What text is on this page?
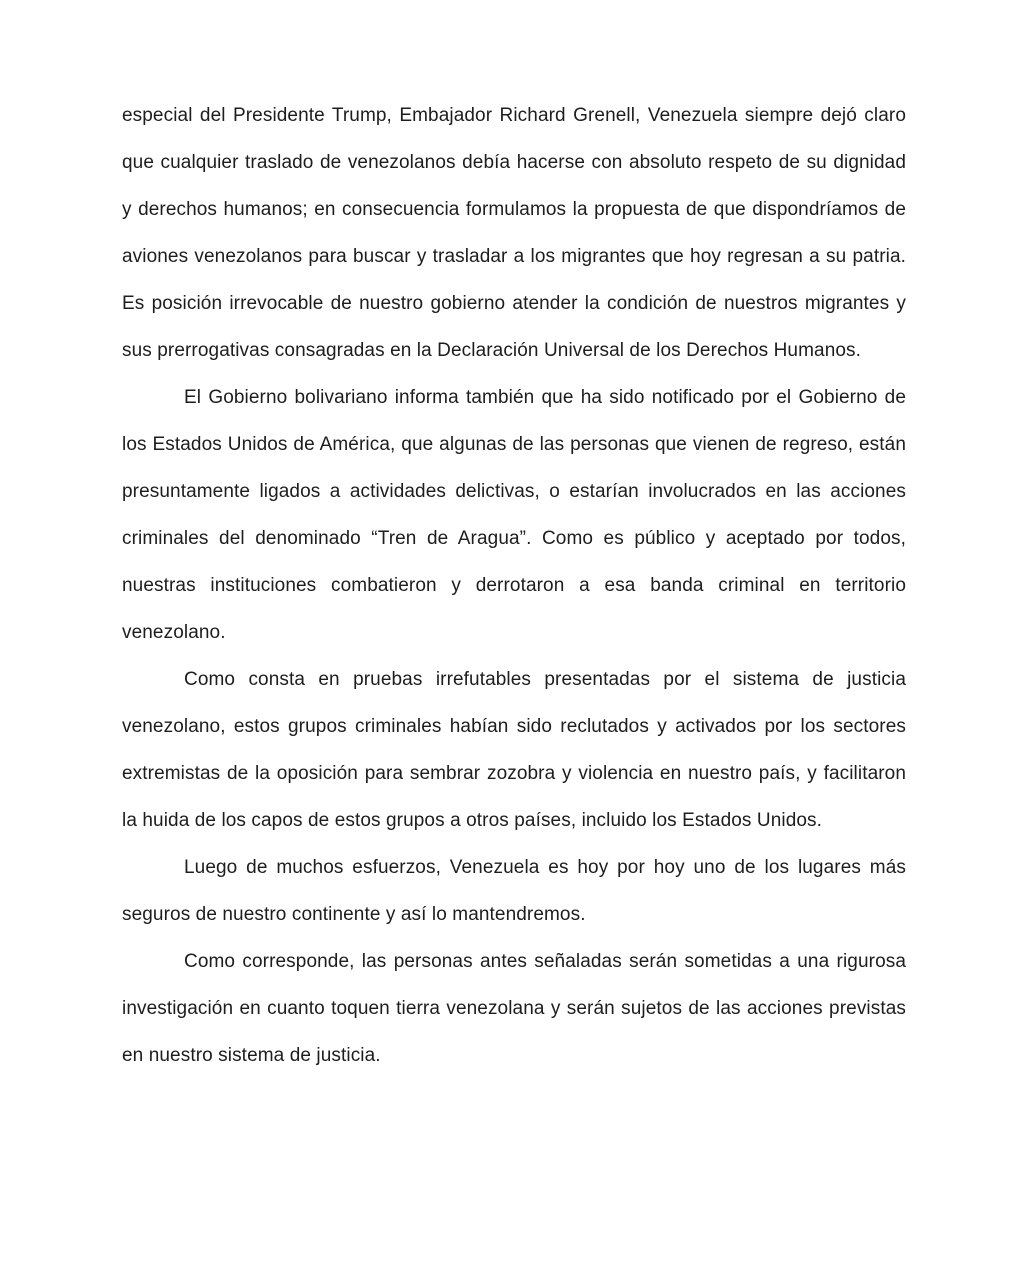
especial del Presidente Trump, Embajador Richard Grenell, Venezuela siempre dejó claro que cualquier traslado de venezolanos debía hacerse con absoluto respeto de su dignidad y derechos humanos; en consecuencia formulamos la propuesta de que dispondríamos de aviones venezolanos para buscar y trasladar a los migrantes que hoy regresan a su patria. Es posición irrevocable de nuestro gobierno atender la condición de nuestros migrantes y sus prerrogativas consagradas en la Declaración Universal de los Derechos Humanos.

El Gobierno bolivariano informa también que ha sido notificado por el Gobierno de los Estados Unidos de América, que algunas de las personas que vienen de regreso, están presuntamente ligados a actividades delictivas, o estarían involucrados en las acciones criminales del denominado “Tren de Aragua”. Como es público y aceptado por todos, nuestras instituciones combatieron y derrotaron a esa banda criminal en territorio venezolano.

Como consta en pruebas irrefutables presentadas por el sistema de justicia venezolano, estos grupos criminales habían sido reclutados y activados por los sectores extremistas de la oposición para sembrar zozobra y violencia en nuestro país, y facilitaron la huida de los capos de estos grupos a otros países, incluido los Estados Unidos.

Luego de muchos esfuerzos, Venezuela es hoy por hoy uno de los lugares más seguros de nuestro continente y así lo mantendremos.

Como corresponde, las personas antes señaladas serán sometidas a una rigurosa investigación en cuanto toquen tierra venezolana y serán sujetos de las acciones previstas en nuestro sistema de justicia.
